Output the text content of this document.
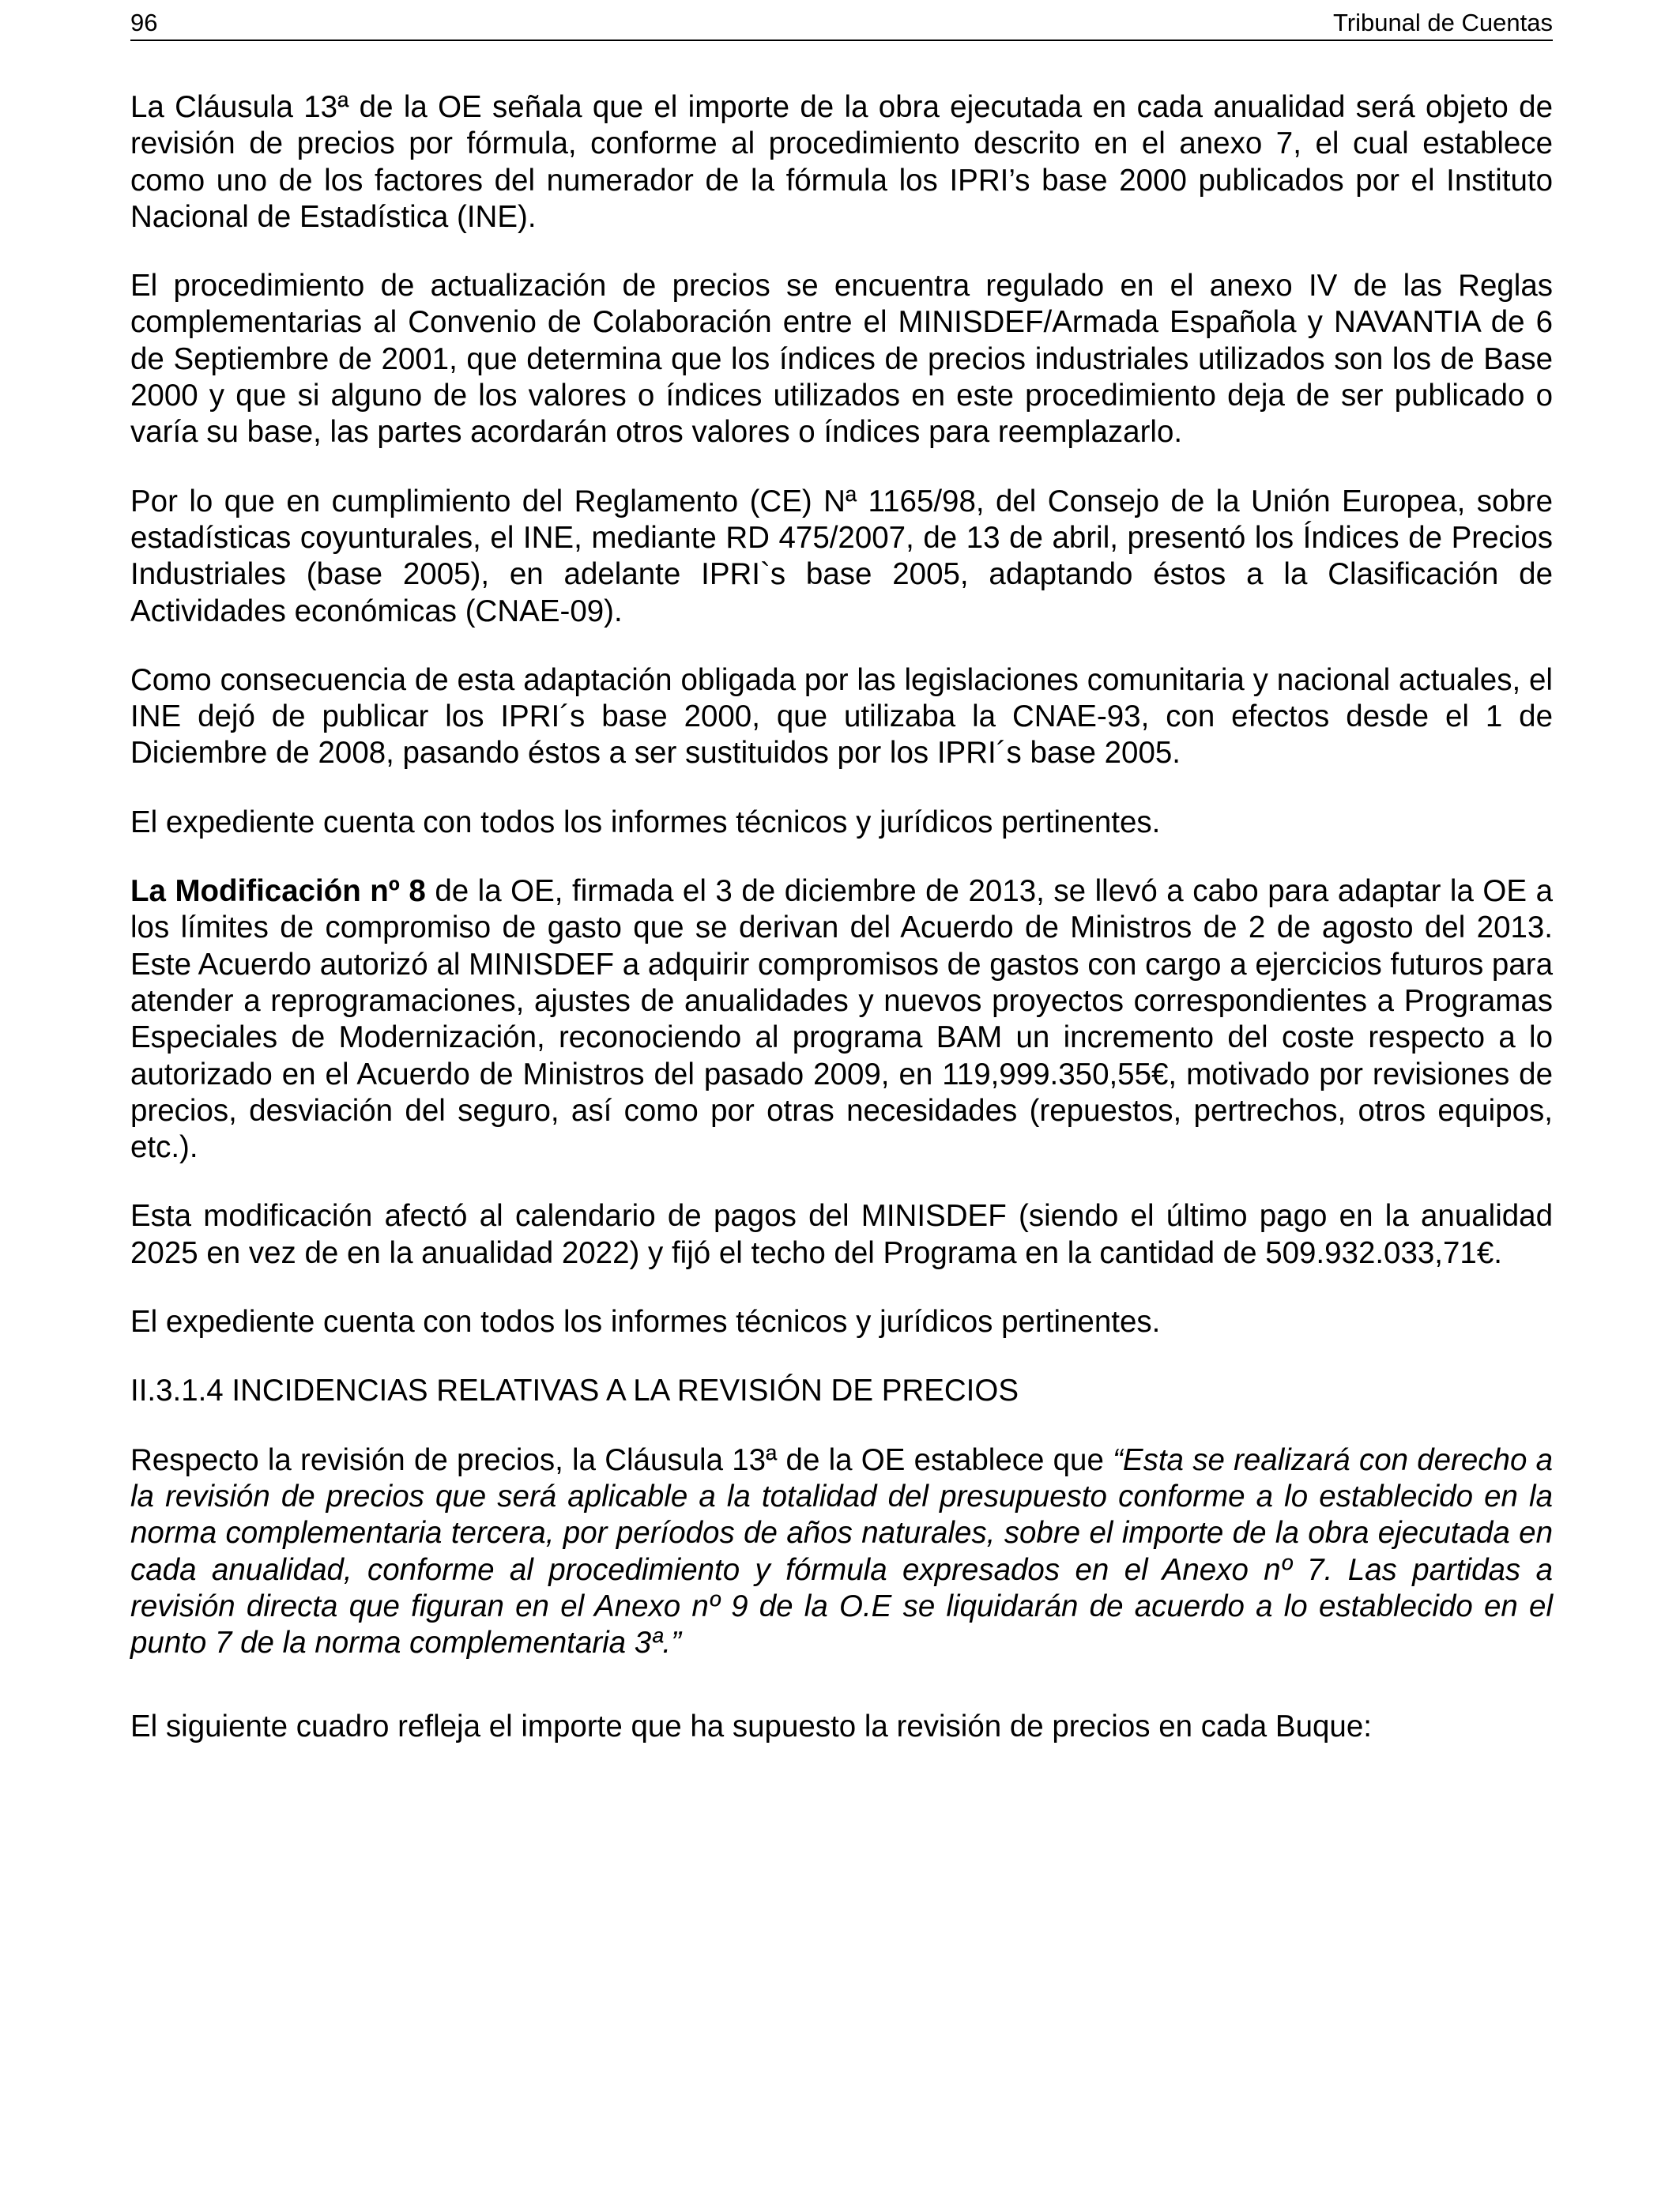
96	Tribunal de Cuentas

La Cláusula 13ª de la OE señala que el importe de la obra ejecutada en cada anualidad será objeto de revisión de precios por fórmula, conforme al procedimiento descrito en el anexo 7, el cual establece como uno de los factores del numerador de la fórmula los IPRI’s base 2000 publicados por el Instituto Nacional de Estadística (INE).

El procedimiento de actualización de precios se encuentra regulado en el anexo IV de las Reglas complementarias al Convenio de Colaboración entre el MINISDEF/Armada Española y NAVANTIA de 6 de Septiembre de 2001, que determina que los índices de precios industriales utilizados son los de Base 2000 y que si alguno de los valores o índices utilizados en este procedimiento deja de ser publicado o varía su base, las partes acordarán otros valores o índices para reemplazarlo.

Por lo que en cumplimiento del Reglamento (CE) Nª 1165/98, del Consejo de la Unión Europea, sobre estadísticas coyunturales, el INE, mediante RD 475/2007, de 13 de abril, presentó los Índices de Precios Industriales (base 2005), en adelante IPRI`s base 2005, adaptando éstos a la Clasificación de Actividades económicas (CNAE-09).

Como consecuencia de esta adaptación obligada por las legislaciones comunitaria y nacional actuales, el INE dejó de publicar los IPRI´s base 2000, que utilizaba la CNAE-93, con efectos desde el 1 de Diciembre de 2008, pasando éstos a ser sustituidos por los IPRI´s base 2005.

El expediente cuenta con todos los informes técnicos y jurídicos pertinentes.

La Modificación nº 8 de la OE, firmada el 3 de diciembre de 2013, se llevó a cabo para adaptar la OE a los límites de compromiso de gasto que se derivan del Acuerdo de Ministros de 2 de agosto del 2013. Este Acuerdo autorizó al MINISDEF a adquirir compromisos de gastos con cargo a ejercicios futuros para atender a reprogramaciones, ajustes de anualidades y nuevos proyectos correspondientes a Programas Especiales de Modernización, reconociendo al programa BAM un incremento del coste respecto a lo autorizado en el Acuerdo de Ministros del pasado 2009, en 119,999.350,55€, motivado por revisiones de precios, desviación del seguro, así como por otras necesidades (repuestos, pertrechos, otros equipos, etc.).

Esta modificación afectó al calendario de pagos del MINISDEF (siendo el último pago en la anualidad 2025 en vez de en la anualidad 2022) y fijó el techo del Programa en la cantidad de 509.932.033,71€.

El expediente cuenta con todos los informes técnicos y jurídicos pertinentes.

II.3.1.4 INCIDENCIAS RELATIVAS A LA REVISIÓN DE PRECIOS

Respecto la revisión de precios, la Cláusula 13ª de la OE establece que “Esta se realizará con derecho a la revisión de precios que será aplicable a la totalidad del presupuesto conforme a lo establecido en la norma complementaria tercera, por períodos de años naturales, sobre el importe de la obra ejecutada en cada anualidad, conforme al procedimiento y fórmula expresados en el Anexo nº 7. Las partidas a revisión directa que figuran en el Anexo nº 9 de la O.E se liquidarán de acuerdo a lo establecido en el punto 7 de la norma complementaria 3ª.”

El siguiente cuadro refleja el importe que ha supuesto la revisión de precios en cada Buque:
